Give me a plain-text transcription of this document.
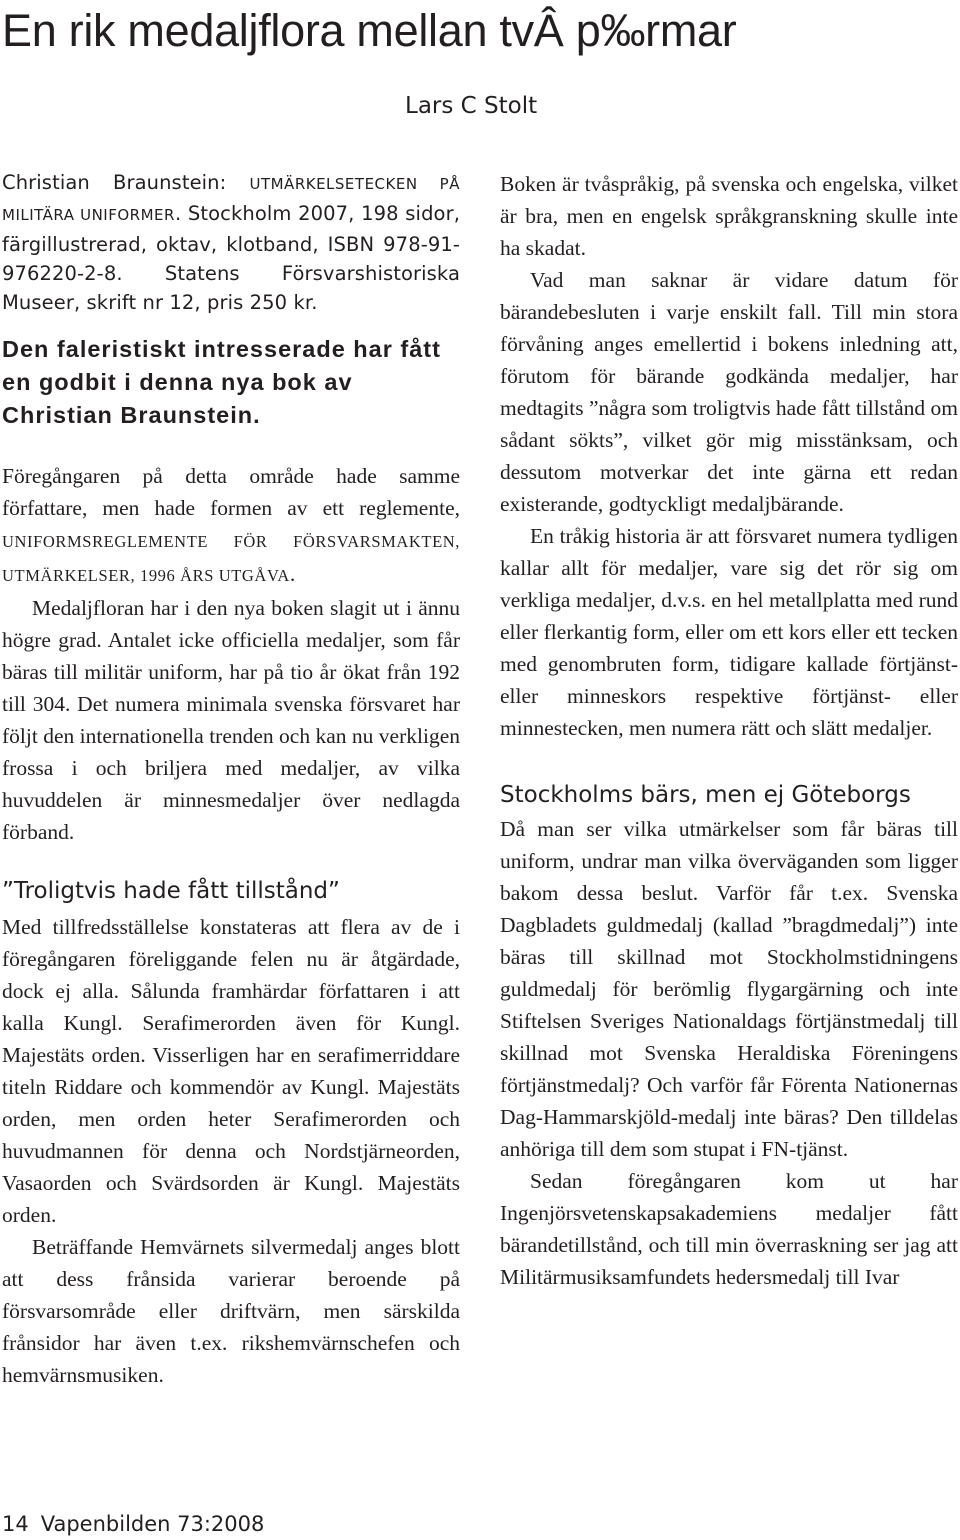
En rik medaljflora mellan tvÂ p‰rmar
Lars C Stolt

Christian Braunstein: UTMÄRKELSETECKEN PÅ MILITÄRA UNIFORMER. Stockholm 2007, 198 sidor, färgillustrerad, oktav, klotband, ISBN 978-91-976220-2-8. Statens Försvarshistoriska Museer, skrift nr 12, pris 250 kr.

Den faleristiskt intresserade har fått en godbit i denna nya bok av Christian Braunstein.

Föregångaren på detta område hade samme författare, men hade formen av ett reglemente, UNIFORMSREGLEMENTE FÖR FÖRSVARSMAKTEN, UTMÄRKELSER, 1996 ÅRS UTGÅVA.

Medaljfloran har i den nya boken slagit ut i ännu högre grad. Antalet icke officiella medaljer, som får bäras till militär uniform, har på tio år ökat från 192 till 304. Det numera minimala svenska försvaret har följt den internationella trenden och kan nu verkligen frossa i och briljera med medaljer, av vilka huvuddelen är minnesmedaljer över nedlagda förband.

”Troligtvis hade fått tillstånd”

Med tillfredsställelse konstateras att flera av de i föregångaren föreliggande felen nu är åtgärdade, dock ej alla. Sålunda framhärdar författaren i att kalla Kungl. Serafimerorden även för Kungl. Majestäts orden. Visserligen har en serafimerriddare titeln Riddare och kommendör av Kungl. Majestäts orden, men orden heter Serafimerorden och huvudmannen för denna och Nordstjärneorden, Vasaorden och Svärdsorden är Kungl. Majestäts orden.

Beträffande Hemvärnets silvermedalj anges blott att dess frånsida varierar beroende på försvarsområde eller driftvärn, men särskilda frånsidor har även t.ex. rikshemvärnschefen och hemvärnsmusiken.

Boken är tvåspråkig, på svenska och engelska, vilket är bra, men en engelsk språkgranskning skulle inte ha skadat.

Vad man saknar är vidare datum för bärandebesluten i varje enskilt fall. Till min stora förvåning anges emellertid i bokens inledning att, förutom för bärande godkända medaljer, har medtagits ”några som troligtvis hade fått tillstånd om sådant sökts”, vilket gör mig misstänksam, och dessutom motverkar det inte gärna ett redan existerande, godtyckligt medaljbärande.

En tråkig historia är att försvaret numera tydligen kallar allt för medaljer, vare sig det rör sig om verkliga medaljer, d.v.s. en hel metallplatta med rund eller flerkantig form, eller om ett kors eller ett tecken med genombruten form, tidigare kallade förtjänst- eller minneskors respektive förtjänst- eller minnestecken, men numera rätt och slätt medaljer.

Stockholms bärs, men ej Göteborgs

Då man ser vilka utmärkelser som får bäras till uniform, undrar man vilka överväganden som ligger bakom dessa beslut. Varför får t.ex. Svenska Dagbladets guldmedalj (kallad ”bragdmedalj”) inte bäras till skillnad mot Stockholmstidningens guldmedalj för berömlig flygargärning och inte Stiftelsen Sveriges Nationaldags förtjänstmedalj till skillnad mot Svenska Heraldiska Föreningens förtjänstmedalj? Och varför får Förenta Nationernas Dag-Hammarskjöld-medalj inte bäras? Den tilldelas anhöriga till dem som stupat i FN-tjänst.

Sedan föregångaren kom ut har Ingenjörsvetenskapsakademiens medaljer fått bärandetillstånd, och till min överraskning ser jag att Militärmusiksamfundets hedersmedalj till Ivar

14 Vapenbilden 73:2008
